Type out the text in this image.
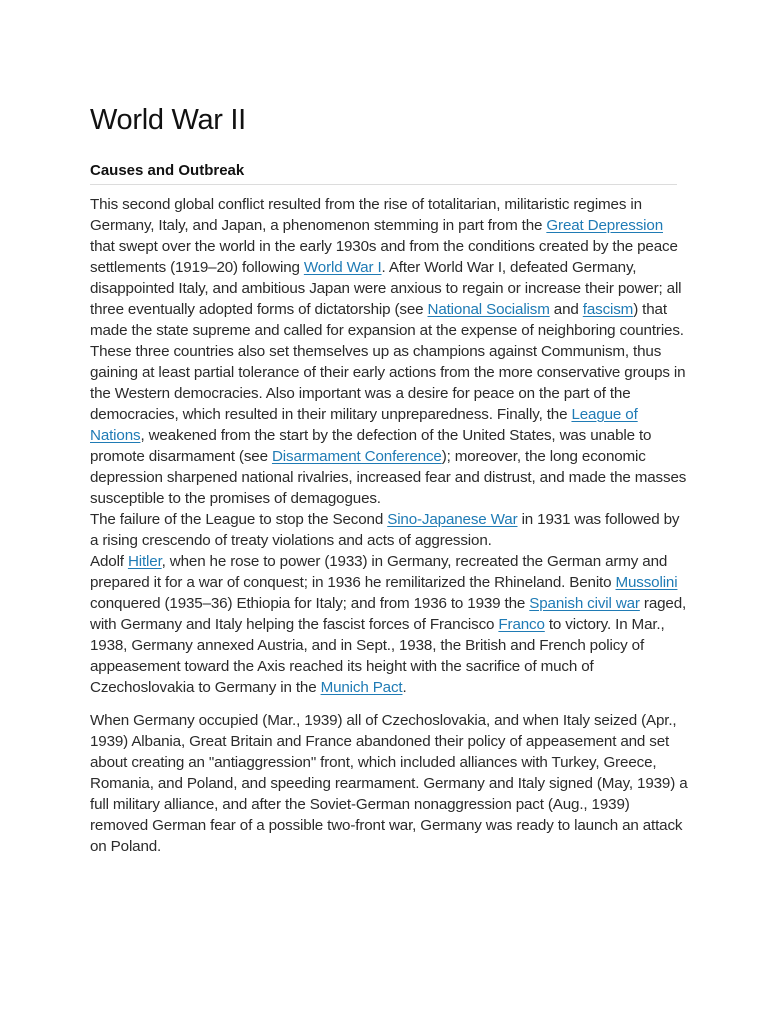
World War II
Causes and Outbreak

This second global conflict resulted from the rise of totalitarian, militaristic regimes in Germany, Italy, and Japan, a phenomenon stemming in part from the Great Depression that swept over the world in the early 1930s and from the conditions created by the peace settlements (1919–20) following World War I. After World War I, defeated Germany, disappointed Italy, and ambitious Japan were anxious to regain or increase their power; all three eventually adopted forms of dictatorship (see National Socialism and fascism) that made the state supreme and called for expansion at the expense of neighboring countries. These three countries also set themselves up as champions against Communism, thus gaining at least partial tolerance of their early actions from the more conservative groups in the Western democracies. Also important was a desire for peace on the part of the democracies, which resulted in their military unpreparedness. Finally, the League of Nations, weakened from the start by the defection of the United States, was unable to promote disarmament (see Disarmament Conference); moreover, the long economic depression sharpened national rivalries, increased fear and distrust, and made the masses susceptible to the promises of demagogues.

The failure of the League to stop the Second Sino-Japanese War in 1931 was followed by a rising crescendo of treaty violations and acts of aggression.
Adolf Hitler, when he rose to power (1933) in Germany, recreated the German army and prepared it for a war of conquest; in 1936 he remilitarized the Rhineland. Benito Mussolini conquered (1935–36) Ethiopia for Italy; and from 1936 to 1939 the Spanish civil war raged, with Germany and Italy helping the fascist forces of Francisco Franco to victory. In Mar., 1938, Germany annexed Austria, and in Sept., 1938, the British and French policy of appeasement toward the Axis reached its height with the sacrifice of much of Czechoslovakia to Germany in the Munich Pact.

When Germany occupied (Mar., 1939) all of Czechoslovakia, and when Italy seized (Apr., 1939) Albania, Great Britain and France abandoned their policy of appeasement and set about creating an "antiaggression" front, which included alliances with Turkey, Greece, Romania, and Poland, and speeding rearmament. Germany and Italy signed (May, 1939) a full military alliance, and after the Soviet-German nonaggression pact (Aug., 1939) removed German fear of a possible two-front war, Germany was ready to launch an attack on Poland.
